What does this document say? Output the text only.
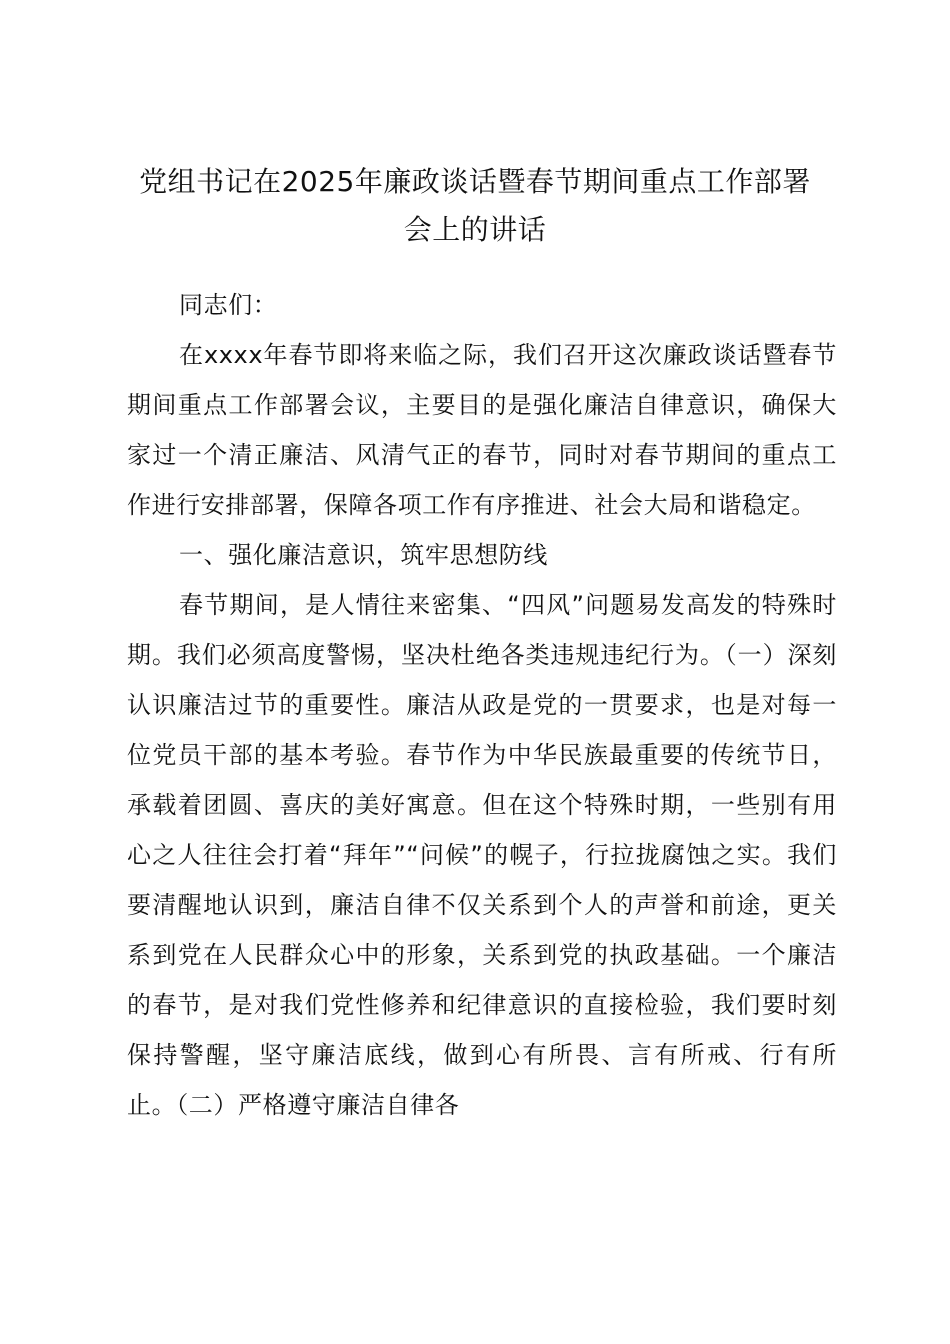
党组书记在2025年廉政谈话暨春节期间重点工作部署
会上的讲话

同志们：

在xxxx年春节即将来临之际，我们召开这次廉政谈话暨春节期间重点工作部署会议，主要目的是强化廉洁自律意识，确保大家过一个清正廉洁、风清气正的春节，同时对春节期间的重点工作进行安排部署，保障各项工作有序推进、社会大局和谐稳定。

一、强化廉洁意识，筑牢思想防线

春节期间，是人情往来密集、“四风”问题易发高发的特殊时期。我们必须高度警惕，坚决杜绝各类违规违纪行为。（一）深刻认识廉洁过节的重要性。廉洁从政是党的一贯要求，也是对每一位党员干部的基本考验。春节作为中华民族最重要的传统节日，承载着团圆、喜庆的美好寓意。但在这个特殊时期，一些别有用心之人往往会打着“拜年”“问候”的幌子，行拉拢腐蚀之实。我们要清醒地认识到，廉洁自律不仅关系到个人的声誉和前途，更关系到党在人民群众心中的形象，关系到党的执政基础。一个廉洁的春节，是对我们党性修养和纪律意识的直接检验，我们要时刻保持警醒，坚守廉洁底线，做到心有所畏、言有所戒、行有所止。（二）严格遵守廉洁自律各
